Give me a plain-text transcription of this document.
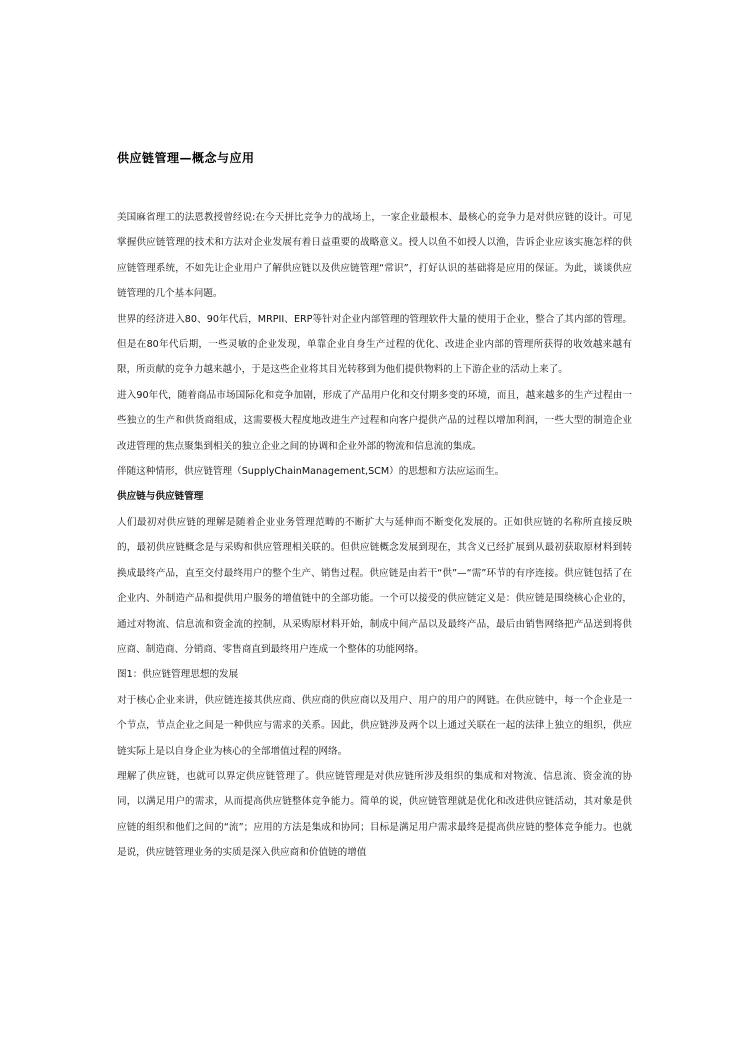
供应链管理—概念与应用

美国麻省理工的法恩教授曾经说:在今天拼比竞争力的战场上，一家企业最根本、最核心的竞争力是对供应链的设计。可见掌握供应链管理的技术和方法对企业发展有着日益重要的战略意义。授人以鱼不如授人以渔，告诉企业应该实施怎样的供应链管理系统，不如先让企业用户了解供应链以及供应链管理“常识”，打好认识的基础将是应用的保证。为此，谈谈供应链管理的几个基本问题。

世界的经济进入80、90年代后，MRPII、ERP等针对企业内部管理的管理软件大量的使用于企业，整合了其内部的管理。但是在80年代后期，一些灵敏的企业发现，单靠企业自身生产过程的优化、改进企业内部的管理所获得的收效越来越有限，所贡献的竞争力越来越小，于是这些企业将其目光转移到为他们提供物料的上下游企业的活动上来了。

进入90年代，随着商品市场国际化和竞争加剧，形成了产品用户化和交付期多变的环境，而且，越来越多的生产过程由一些独立的生产和供货商组成，这需要极大程度地改进生产过程和向客户提供产品的过程以增加利润，一些大型的制造企业改进管理的焦点聚集到相关的独立企业之间的协调和企业外部的物流和信息流的集成。

伴随这种情形，供应链管理（SupplyChainManagement,SCM）的思想和方法应运而生。

供应链与供应链管理

人们最初对供应链的理解是随着企业业务管理范畴的不断扩大与延伸而不断变化发展的。正如供应链的名称所直接反映的，最初供应链概念是与采购和供应管理相关联的。但供应链概念发展到现在，其含义已经扩展到从最初获取原材料到转换成最终产品，直至交付最终用户的整个生产、销售过程。供应链是由若干“供”—“需”环节的有序连接。供应链包括了在企业内、外制造产品和提供用户服务的增值链中的全部功能。一个可以接受的供应链定义是：供应链是围绕核心企业的，通过对物流、信息流和资金流的控制，从采购原材料开始，制成中间产品以及最终产品，最后由销售网络把产品送到将供应商、制造商、分销商、零售商直到最终用户连成一个整体的功能网络。

图1：供应链管理思想的发展

对于核心企业来讲，供应链连接其供应商、供应商的供应商以及用户、用户的用户的网链。在供应链中，每一个企业是一个节点，节点企业之间是一种供应与需求的关系。因此，供应链涉及两个以上通过关联在一起的法律上独立的组织，供应链实际上是以自身企业为核心的全部增值过程的网络。

理解了供应链，也就可以界定供应链管理了。供应链管理是对供应链所涉及组织的集成和对物流、信息流、资金流的协同，以满足用户的需求，从而提高供应链整体竞争能力。简单的说，供应链管理就是优化和改进供应链活动，其对象是供应链的组织和他们之间的“流”；应用的方法是集成和协同；目标是满足用户需求最终是提高供应链的整体竞争能力。也就是说，供应链管理业务的实质是深入供应商和价值链的增值
